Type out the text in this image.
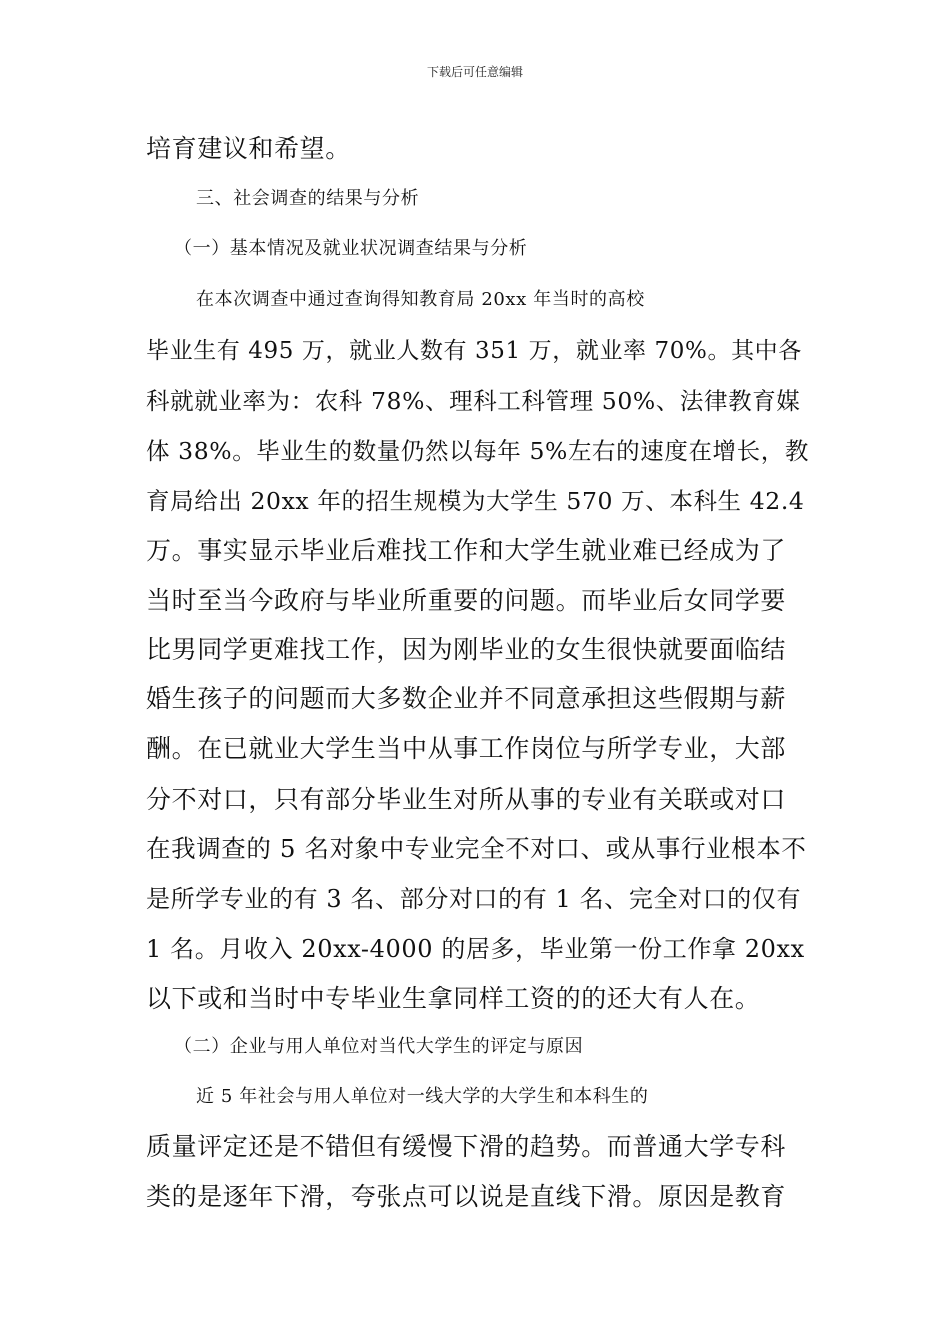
下载后可任意编辑
培育建议和希望。
三、社会调查的结果与分析
（一）基本情况及就业状况调查结果与分析
在本次调查中通过查询得知教育局 20xx 年当时的高校
毕业生有 495 万，就业人数有 351 万，就业率 70%。其中各
科就就业率为：农科 78%、理科工科管理 50%、法律教育媒
体 38%。毕业生的数量仍然以每年 5%左右的速度在增长，教
育局给出 20xx 年的招生规模为大学生 570 万、本科生 42.4
万。事实显示毕业后难找工作和大学生就业难已经成为了
当时至当今政府与毕业所重要的问题。而毕业后女同学要
比男同学更难找工作，因为刚毕业的女生很快就要面临结
婚生孩子的问题而大多数企业并不同意承担这些假期与薪
酬。在已就业大学生当中从事工作岗位与所学专业，大部
分不对口，只有部分毕业生对所从事的专业有关联或对口
在我调查的 5 名对象中专业完全不对口、或从事行业根本不
是所学专业的有 3 名、部分对口的有 1 名、完全对口的仅有
1 名。月收入 20xx-4000 的居多，毕业第一份工作拿 20xx
以下或和当时中专毕业生拿同样工资的的还大有人在。
（二）企业与用人单位对当代大学生的评定与原因
近 5 年社会与用人单位对一线大学的大学生和本科生的
质量评定还是不错但有缓慢下滑的趋势。而普通大学专科
类的是逐年下滑，夸张点可以说是直线下滑。原因是教育
